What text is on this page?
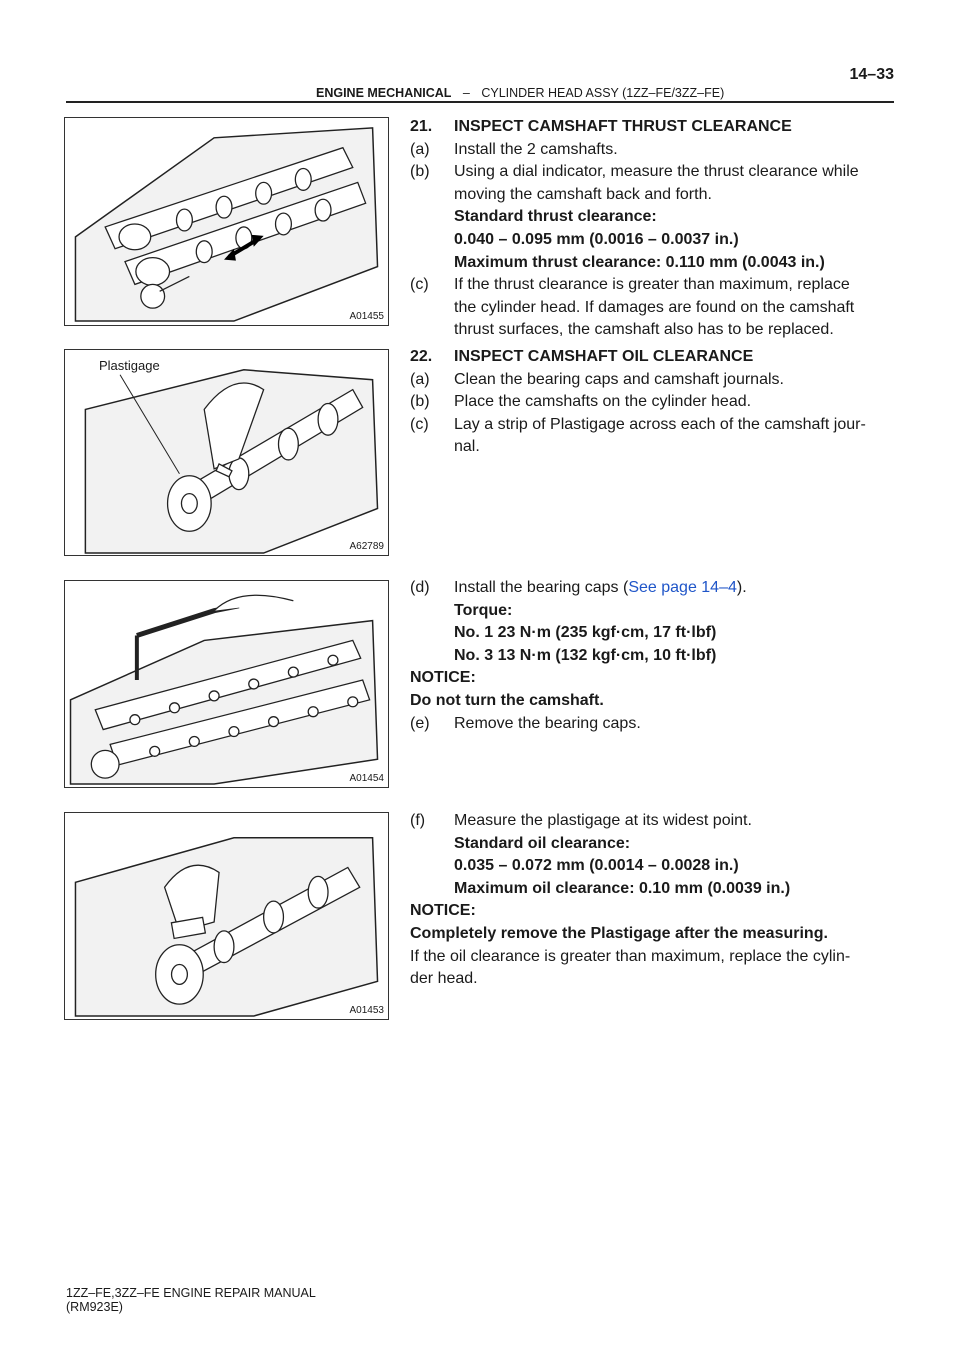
ENGINE MECHANICAL – CYLINDER HEAD ASSY (1ZZ–FE/3ZZ–FE)
14–33
A01455
Plastigage
A62789
A01454
A01453
21. INSPECT CAMSHAFT THRUST CLEARANCE
(a) Install the 2 camshafts.
(b) Using a dial indicator, measure the thrust clearance while
moving the camshaft back and forth.
Standard thrust clearance:
0.040 – 0.095 mm (0.0016 – 0.0037 in.)
Maximum thrust clearance: 0.110 mm (0.0043 in.)
(c) If the thrust clearance is greater than maximum, replace
the cylinder head. If damages are found on the camshaft
thrust surfaces, the camshaft also has to be replaced.
22. INSPECT CAMSHAFT OIL CLEARANCE
(a) Clean the bearing caps and camshaft journals.
(b) Place the camshafts on the cylinder head.
(c) Lay a strip of Plastigage across each of the camshaft jour-
nal.
(d) Install the bearing caps (See page 14–4).
Torque:
No. 1 23 N·m (235 kgf·cm, 17 ft·lbf)
No. 3 13 N·m (132 kgf·cm, 10 ft·lbf)
NOTICE:
Do not turn the camshaft.
(e) Remove the bearing caps.
(f) Measure the plastigage at its widest point.
Standard oil clearance:
0.035 – 0.072 mm (0.0014 – 0.0028 in.)
Maximum oil clearance: 0.10 mm (0.0039 in.)
NOTICE:
Completely remove the Plastigage after the measuring.
If the oil clearance is greater than maximum, replace the cylin-
der head.
1ZZ–FE,3ZZ–FE ENGINE REPAIR MANUAL
(RM923E)
